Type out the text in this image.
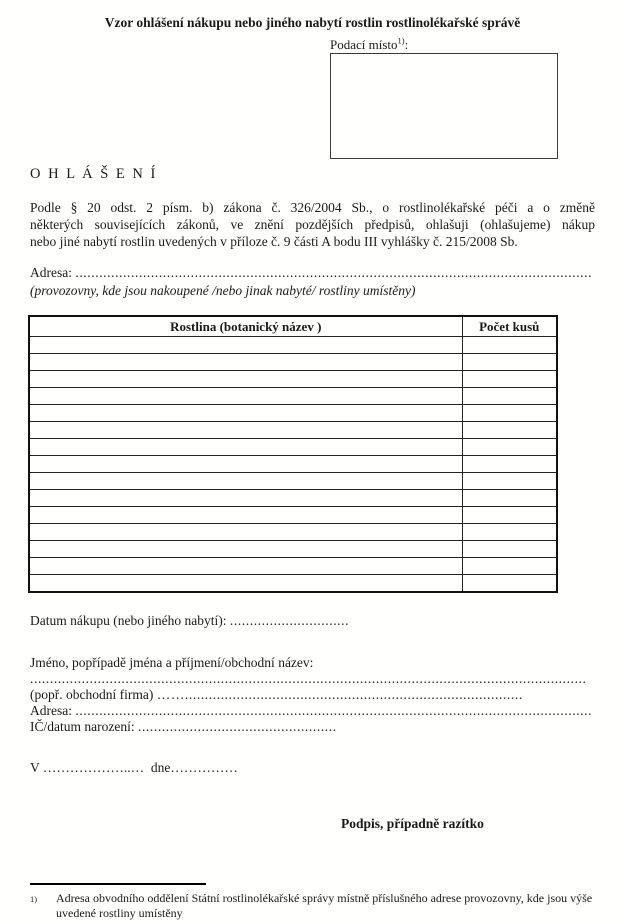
Vzor ohlášení nákupu nebo jiného nabytí rostlin rostlinolékařské správě
Podací místo$^{1)}$:
O H L Á Š E N Í
Podle § 20 odst. 2 písm. b) zákona č. 326/2004 Sb., o rostlinolékařské péči a o změně
některých souvisejících zákonů, ve znění pozdějších předpisů, ohlašuji (ohlašujeme) nákup
nebo jiné nabytí rostlin uvedených v příloze č. 9 části A bodu III vyhlášky č. 215/2008 Sb.
Adresa: ..................................................................................................................................
(provozovny, kde jsou nakoupené /nebo jinak nabyté/ rostliny umístěny)
Rostlina (botanický název )	Počet kusů

Datum nákupu (nebo jiného nabytí): ..............................
Jméno, popřípadě jména a příjmení/obchodní název:
............................................................................................................................................
(popř. obchodní firma) …….....................................................................................
Adresa: ..................................................................................................................................
IČ/datum narození: ..................................................
V ………………..…  dne……………
Podpis, případně razítko
1)	Adresa obvodního oddělení Státní rostlinolékařské správy místně příslušného adrese provozovny, kde jsou výše uvedené rostliny umístěny
